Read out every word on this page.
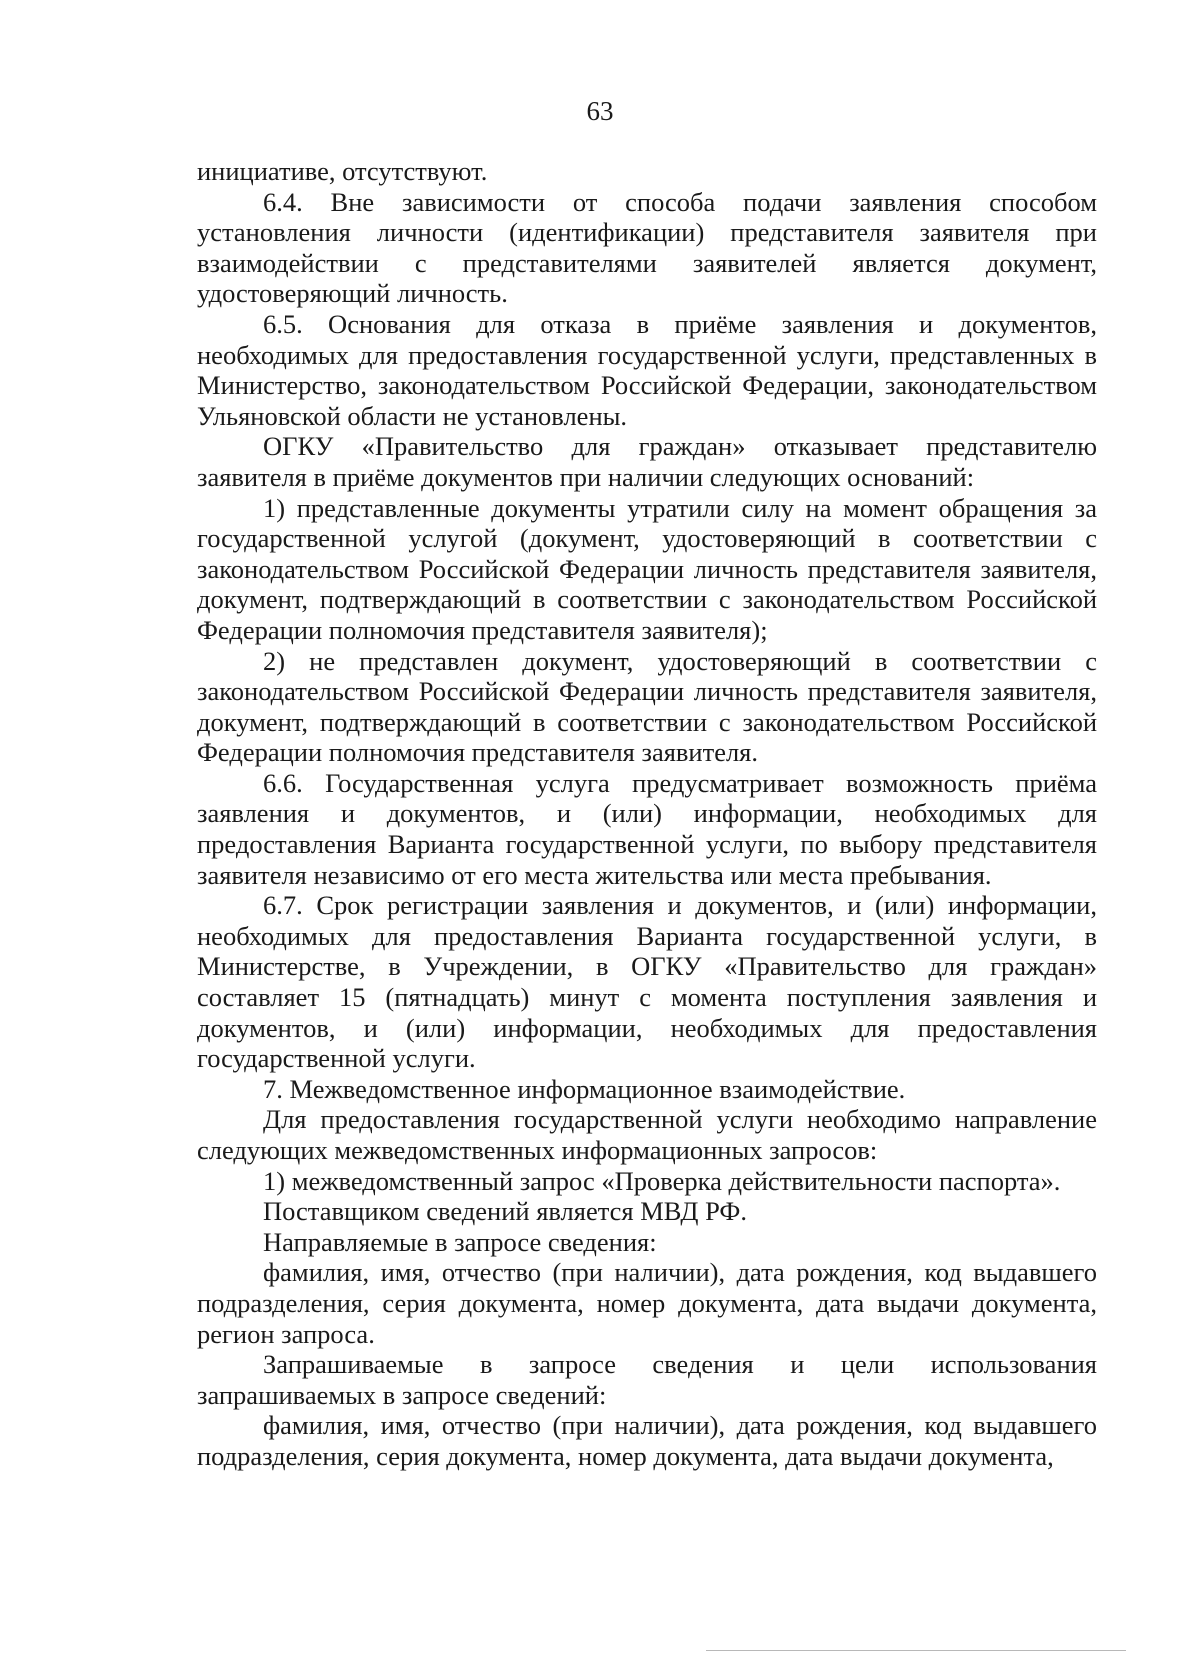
63

инициативе, отсутствуют.

6.4. Вне зависимости от способа подачи заявления способом установления личности (идентификации) представителя заявителя при взаимодействии с представителями заявителей является документ, удостоверяющий личность.

6.5. Основания для отказа в приёме заявления и документов, необходимых для предоставления государственной услуги, представленных в Министерство, законодательством Российской Федерации, законодательством Ульяновской области не установлены.

ОГКУ «Правительство для граждан» отказывает представителю заявителя в приёме документов при наличии следующих оснований:

1) представленные документы утратили силу на момент обращения за государственной услугой (документ, удостоверяющий в соответствии с законодательством Российской Федерации личность представителя заявителя, документ, подтверждающий в соответствии с законодательством Российской Федерации полномочия представителя заявителя);

2) не представлен документ, удостоверяющий в соответствии с законодательством Российской Федерации личность представителя заявителя, документ, подтверждающий в соответствии с законодательством Российской Федерации полномочия представителя заявителя.

6.6. Государственная услуга предусматривает возможность приёма заявления и документов, и (или) информации, необходимых для предоставления Варианта государственной услуги, по выбору представителя заявителя независимо от его места жительства или места пребывания.

6.7. Срок регистрации заявления и документов, и (или) информации, необходимых для предоставления Варианта государственной услуги, в Министерстве, в Учреждении, в ОГКУ «Правительство для граждан» составляет 15 (пятнадцать) минут с момента поступления заявления и документов, и (или) информации, необходимых для предоставления государственной услуги.

7. Межведомственное информационное взаимодействие.

Для предоставления государственной услуги необходимо направление следующих межведомственных информационных запросов:

1) межведомственный запрос «Проверка действительности паспорта».

Поставщиком сведений является МВД РФ.

Направляемые в запросе сведения:

фамилия, имя, отчество (при наличии), дата рождения, код выдавшего подразделения, серия документа, номер документа, дата выдачи документа, регион запроса.

Запрашиваемые в запросе сведения и цели использования запрашиваемых в запросе сведений:

фамилия, имя, отчество (при наличии), дата рождения, код выдавшего подразделения, серия документа, номер документа, дата выдачи документа,
